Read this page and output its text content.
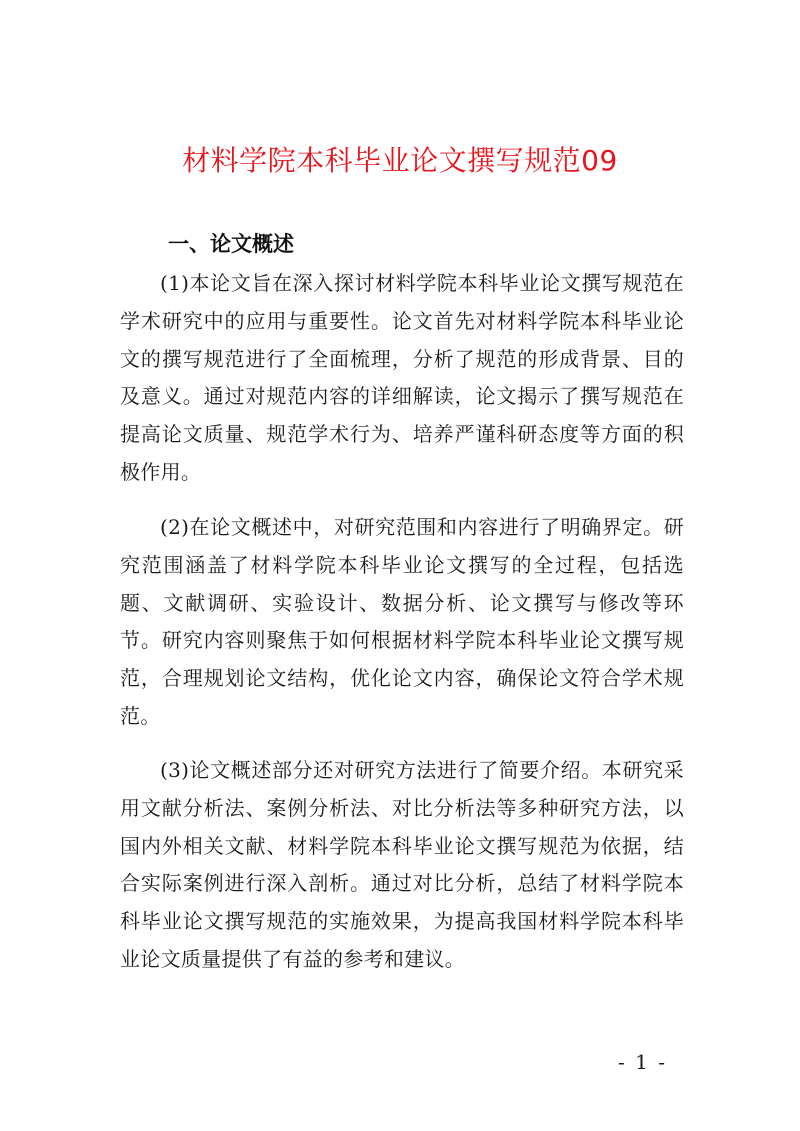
材料学院本科毕业论文撰写规范09
一、论文概述

(1)本论文旨在深入探讨材料学院本科毕业论文撰写规范在学术研究中的应用与重要性。论文首先对材料学院本科毕业论文的撰写规范进行了全面梳理，分析了规范的形成背景、目的及意义。通过对规范内容的详细解读，论文揭示了撰写规范在提高论文质量、规范学术行为、培养严谨科研态度等方面的积极作用。

(2)在论文概述中，对研究范围和内容进行了明确界定。研究范围涵盖了材料学院本科毕业论文撰写的全过程，包括选题、文献调研、实验设计、数据分析、论文撰写与修改等环节。研究内容则聚焦于如何根据材料学院本科毕业论文撰写规范，合理规划论文结构，优化论文内容，确保论文符合学术规范。

(3)论文概述部分还对研究方法进行了简要介绍。本研究采用文献分析法、案例分析法、对比分析法等多种研究方法，以国内外相关文献、材料学院本科毕业论文撰写规范为依据，结合实际案例进行深入剖析。通过对比分析，总结了材料学院本科毕业论文撰写规范的实施效果，为提高我国材料学院本科毕业论文质量提供了有益的参考和建议。

- 1 -
